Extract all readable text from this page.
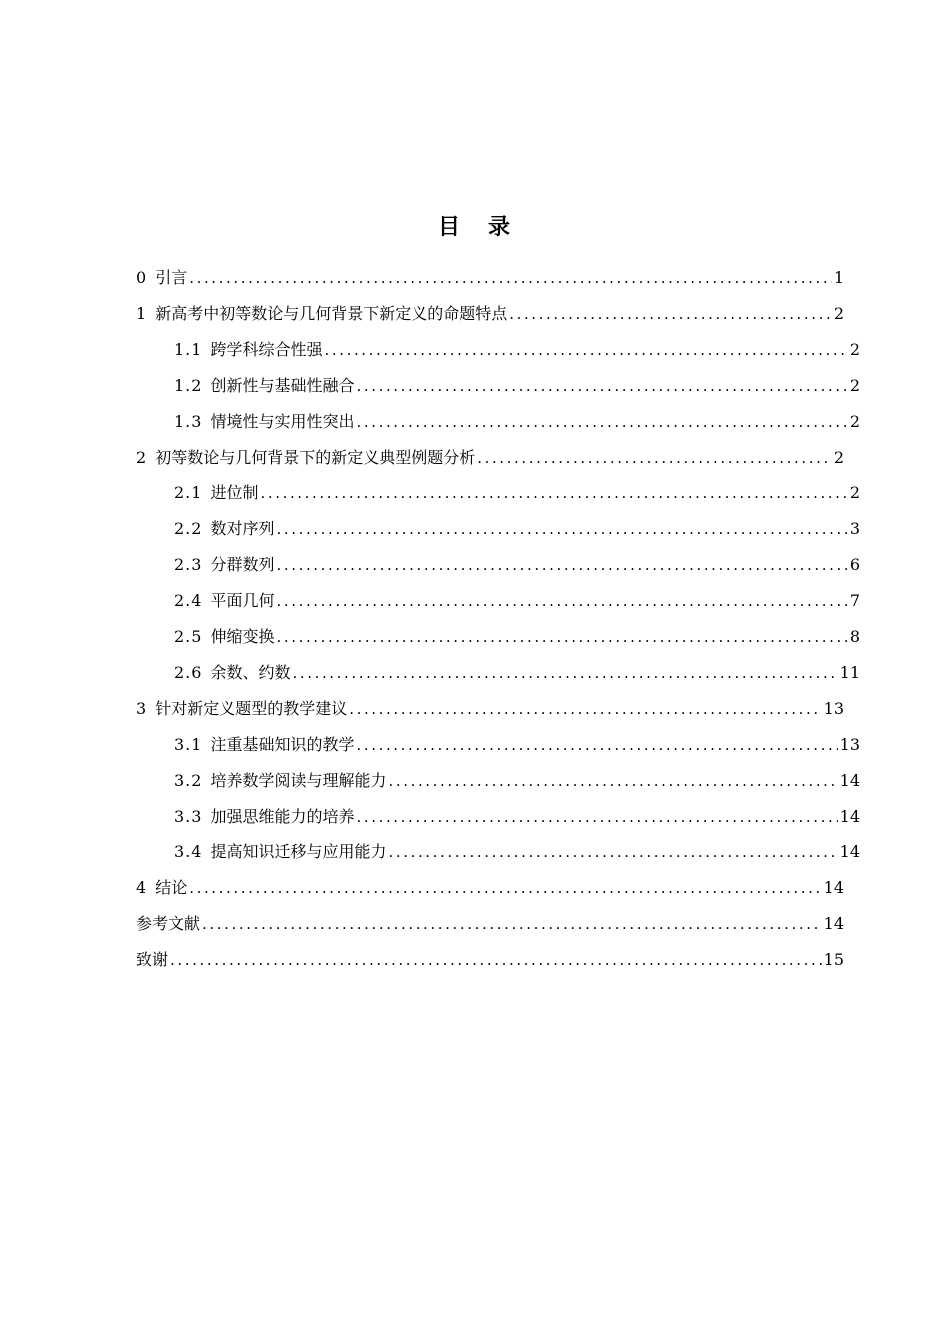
目 录
0 引言 .....	1
1 新高考中初等数论与几何背景下新定义的命题特点 .....	2
1.1 跨学科综合性强 .....	2
1.2 创新性与基础性融合 .....	2
1.3 情境性与实用性突出 .....	2
2 初等数论与几何背景下的新定义典型例题分析 .....	2
2.1 进位制 .....	2
2.2 数对序列 .....	3
2.3 分群数列 .....	6
2.4 平面几何 .....	7
2.5 伸缩变换 .....	8
2.6 余数、约数 .....	11
3 针对新定义题型的教学建议 .....	13
3.1 注重基础知识的教学 .....	13
3.2 培养数学阅读与理解能力 .....	14
3.3 加强思维能力的培养 .....	14
3.4 提高知识迁移与应用能力 .....	14
4 结论 .....	14
参考文献 .....	14
致谢 .....	15
